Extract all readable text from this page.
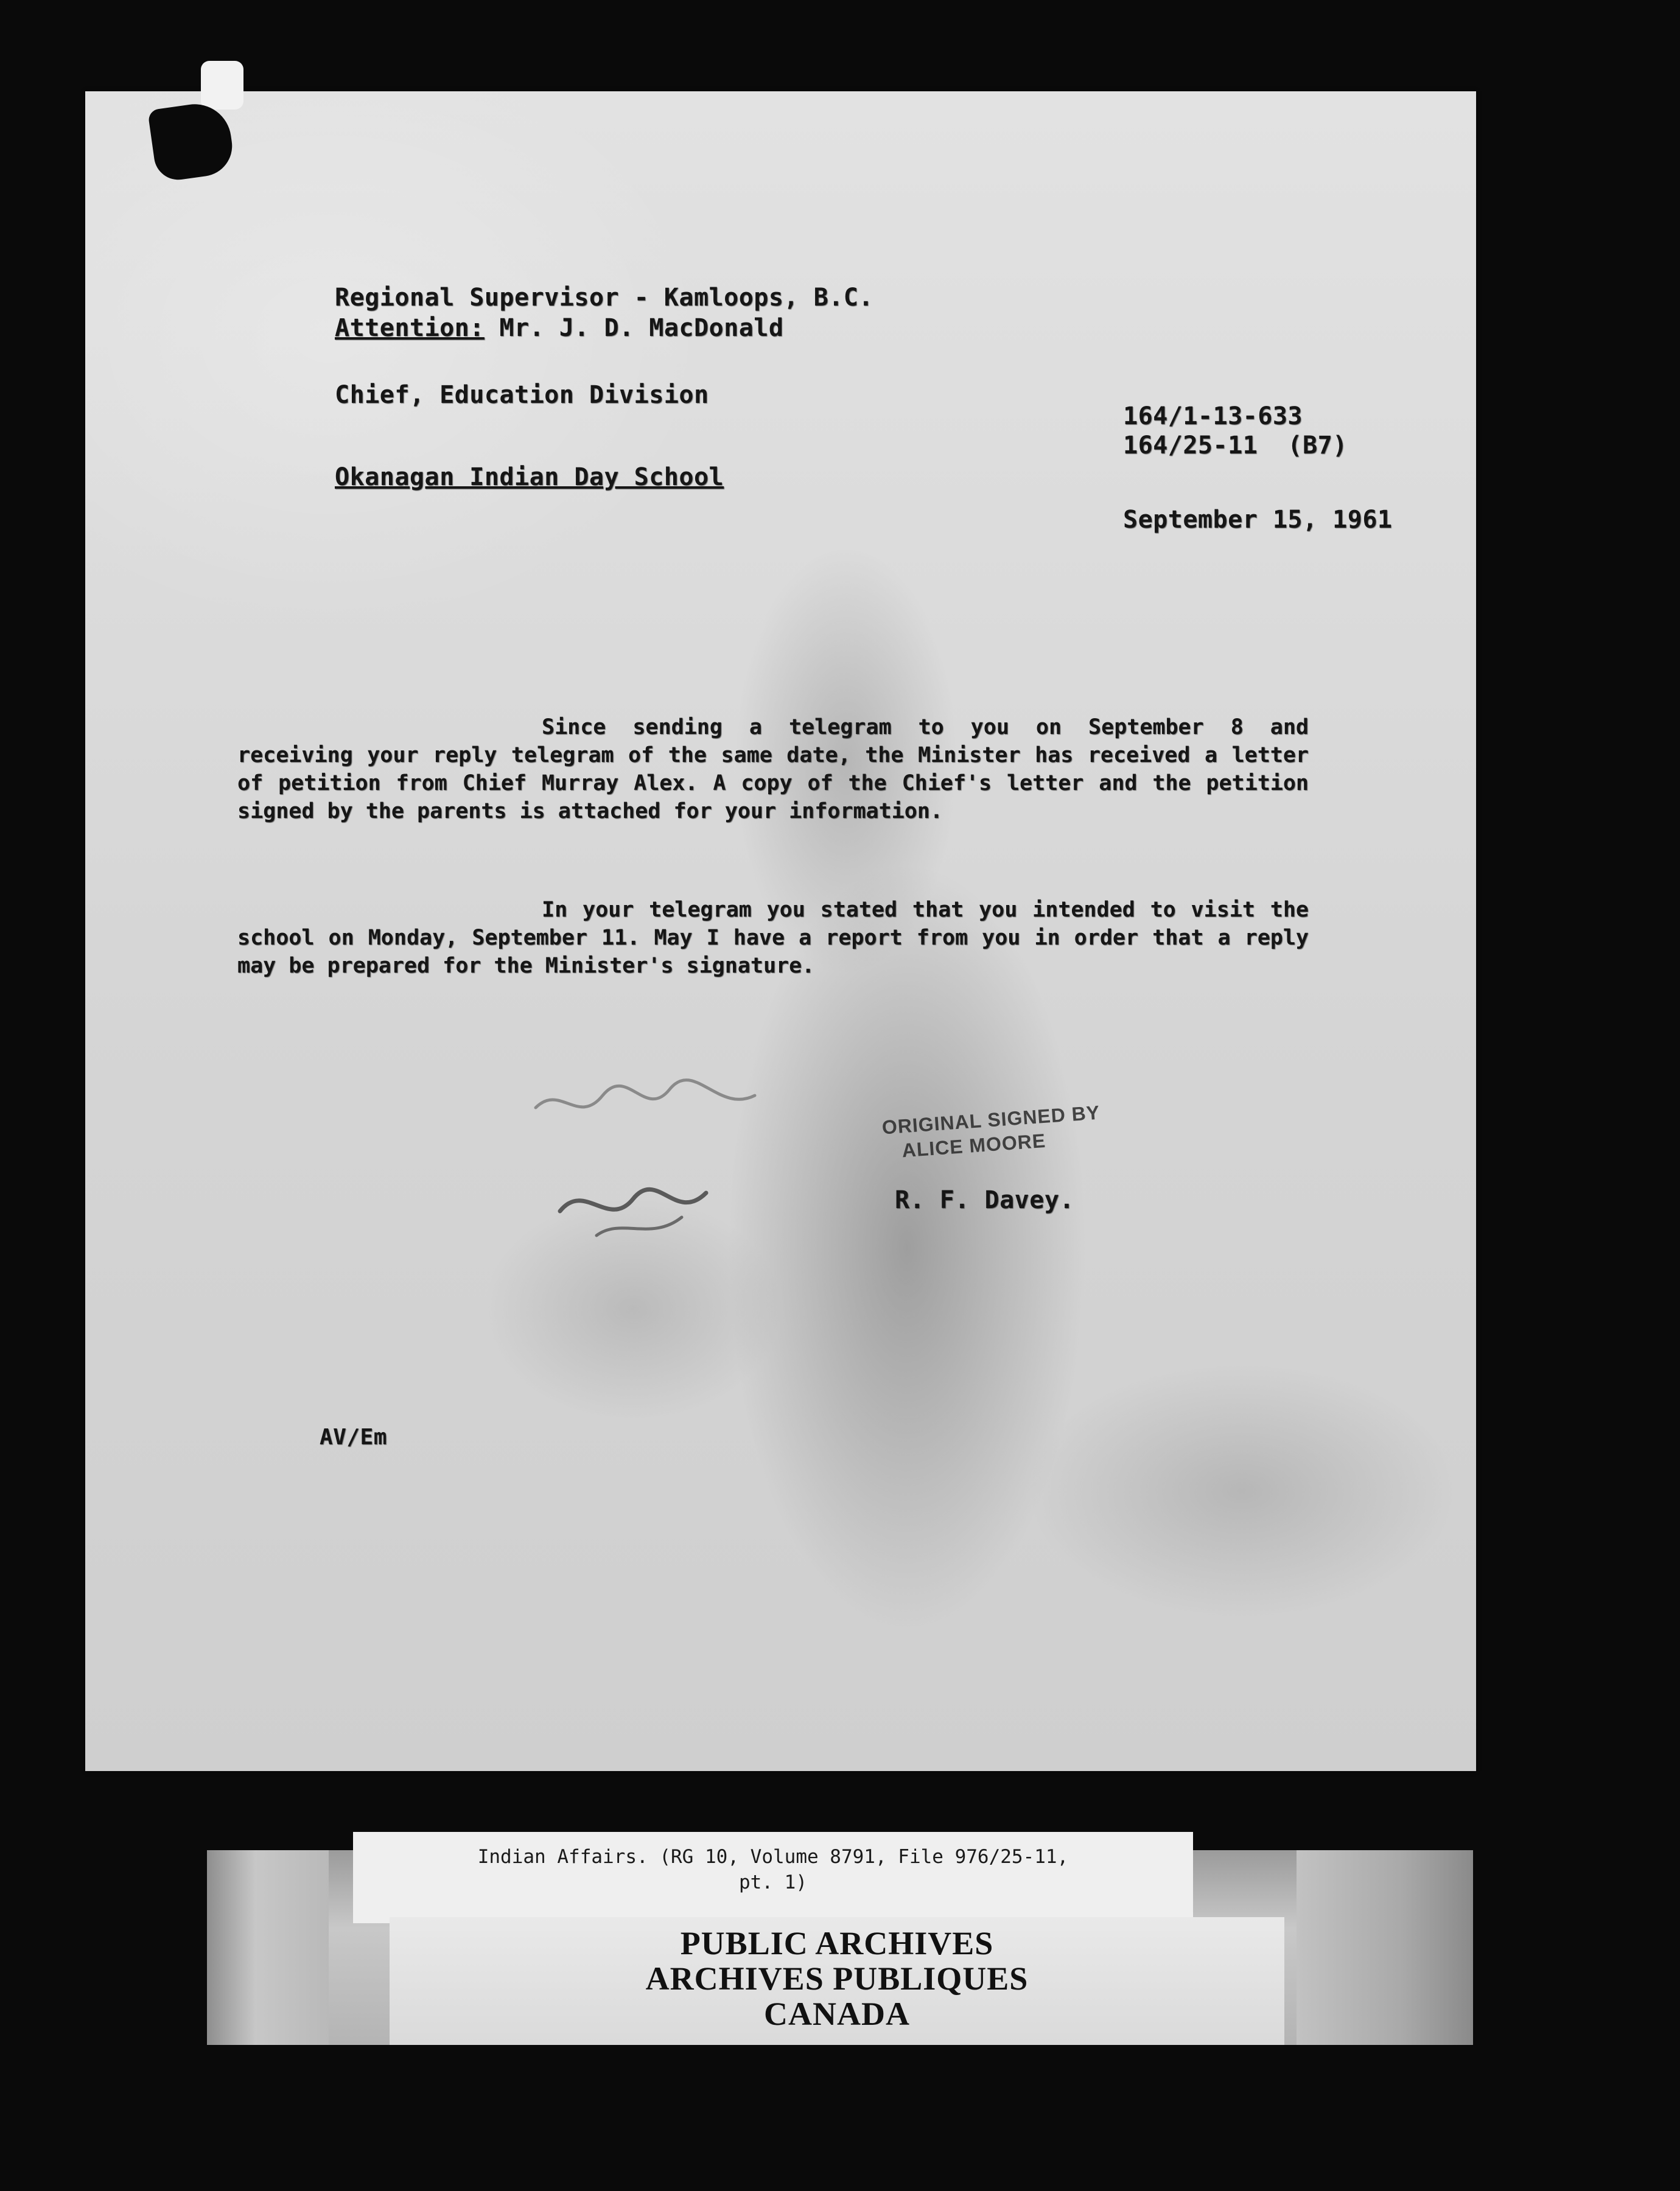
Regional Supervisor - Kamloops, B.C.
Attention: Mr. J. D. MacDonald
Chief, Education Division
Okanagan Indian Day School
164/1-13-633
164/25-11  (B7)
September 15, 1961
Since sending a telegram to you on September 8 and receiving your reply telegram of the same date, the Minister has received a letter of petition from Chief Murray Alex. A copy of the Chief's letter and the petition signed by the parents is attached for your information.
In your telegram you stated that you intended to visit the school on Monday, September 11. May I have a report from you in order that a reply may be prepared for the Minister's signature.
ORIGINAL SIGNED BY
ALICE MOORE
R. F. Davey.
AV/Em
Indian Affairs. (RG 10, Volume 8791, File 976/25-11,
pt. 1)
PUBLIC ARCHIVES
ARCHIVES PUBLIQUES
CANADA
